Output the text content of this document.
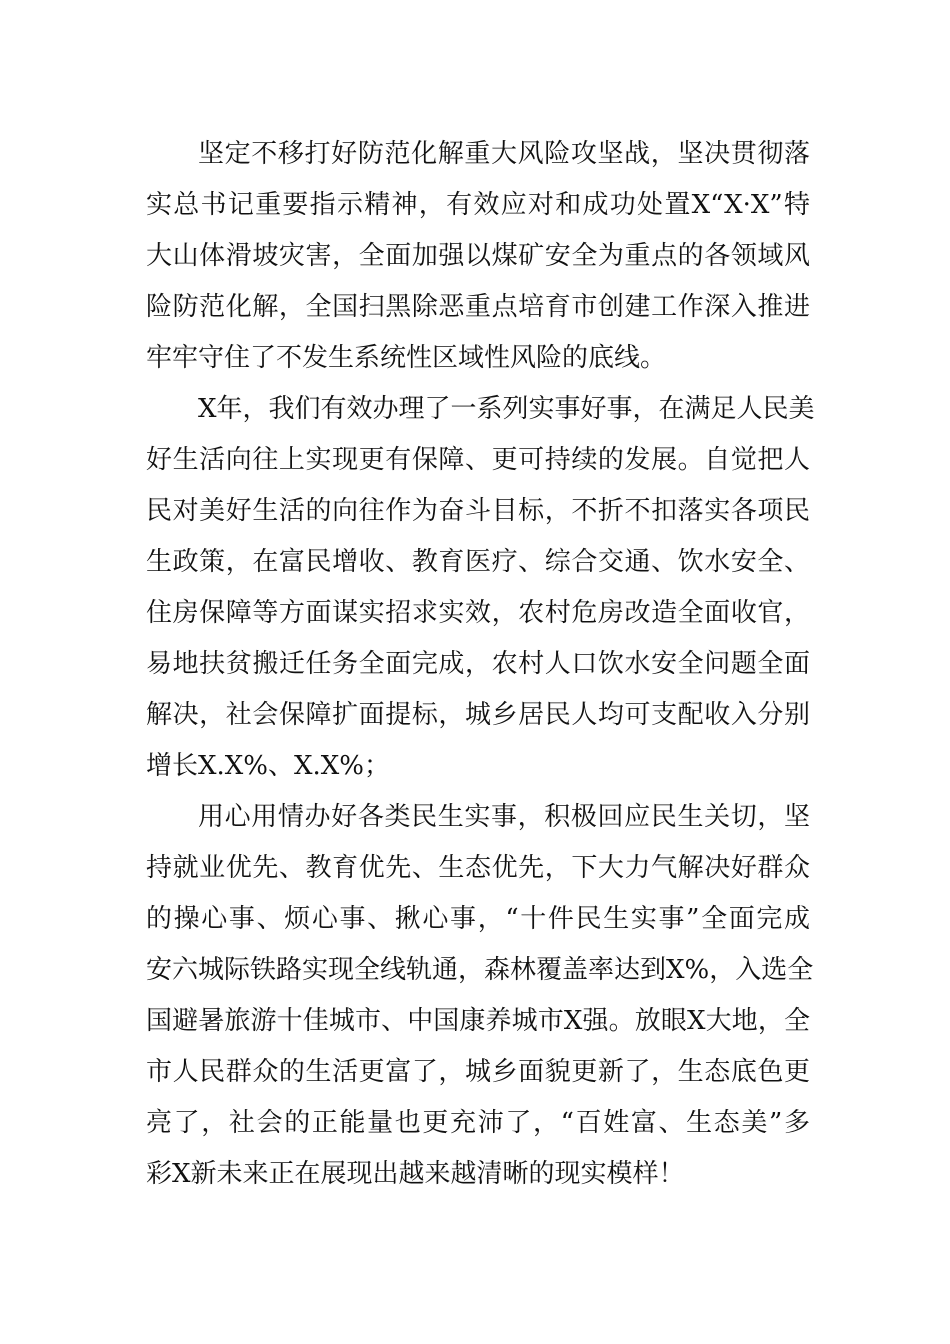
坚定不移打好防范化解重大风险攻坚战，坚决贯彻落
实总书记重要指示精神，有效应对和成功处置X“X·X”特
大山体滑坡灾害，全面加强以煤矿安全为重点的各领域风
险防范化解，全国扫黑除恶重点培育市创建工作深入推进
牢牢守住了不发生系统性区域性风险的底线。
X年，我们有效办理了一系列实事好事，在满足人民美
好生活向往上实现更有保障、更可持续的发展。自觉把人
民对美好生活的向往作为奋斗目标，不折不扣落实各项民
生政策，在富民增收、教育医疗、综合交通、饮水安全、
住房保障等方面谋实招求实效，农村危房改造全面收官，
易地扶贫搬迁任务全面完成，农村人口饮水安全问题全面
解决，社会保障扩面提标，城乡居民人均可支配收入分别
增长X.X%、X.X%；
用心用情办好各类民生实事，积极回应民生关切，坚
持就业优先、教育优先、生态优先，下大力气解决好群众
的操心事、烦心事、揪心事，“十件民生实事”全面完成
安六城际铁路实现全线轨通，森林覆盖率达到X%，入选全
国避暑旅游十佳城市、中国康养城市X强。放眼X大地，全
市人民群众的生活更富了，城乡面貌更新了，生态底色更
亮了，社会的正能量也更充沛了，“百姓富、生态美”多
彩X新未来正在展现出越来越清晰的现实模样！
